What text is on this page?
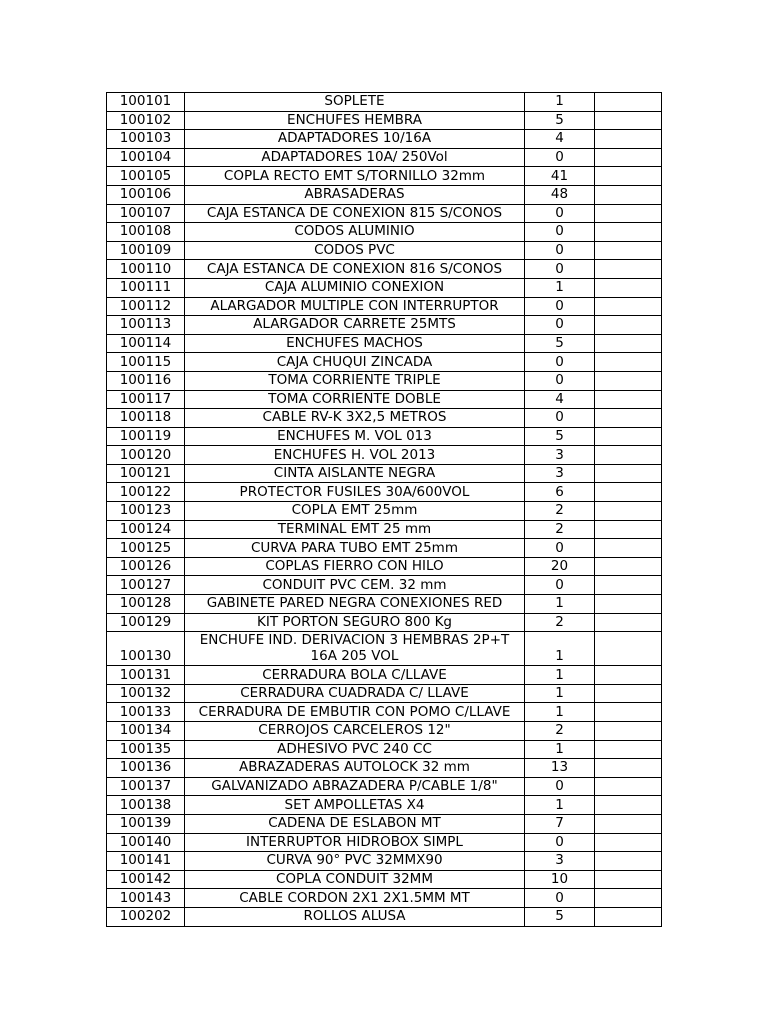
100101	SOPLETE	1	
100102	ENCHUFES HEMBRA	5	
100103	ADAPTADORES 10/16A	4	
100104	ADAPTADORES 10A/ 250Vol	0	
100105	COPLA RECTO EMT S/TORNILLO 32mm	41	
100106	ABRASADERAS	48	
100107	CAJA ESTANCA DE CONEXION 815 S/CONOS	0	
100108	CODOS ALUMINIO	0	
100109	CODOS PVC	0	
100110	CAJA ESTANCA DE CONEXION 816 S/CONOS	0	
100111	CAJA ALUMINIO CONEXION	1	
100112	ALARGADOR MULTIPLE CON INTERRUPTOR	0	
100113	ALARGADOR CARRETE 25MTS	0	
100114	ENCHUFES MACHOS	5	
100115	CAJA CHUQUI ZINCADA	0	
100116	TOMA CORRIENTE TRIPLE	0	
100117	TOMA CORRIENTE DOBLE	4	
100118	CABLE RV-K 3X2,5 METROS	0	
100119	ENCHUFES M. VOL 013	5	
100120	ENCHUFES H. VOL 2013	3	
100121	CINTA AISLANTE NEGRA	3	
100122	PROTECTOR FUSILES 30A/600VOL	6	
100123	COPLA EMT 25mm	2	
100124	TERMINAL EMT 25 mm	2	
100125	CURVA PARA TUBO EMT 25mm	0	
100126	COPLAS FIERRO CON HILO	20	
100127	CONDUIT PVC CEM. 32 mm	0	
100128	GABINETE PARED NEGRA CONEXIONES RED	1	
100129	KIT PORTON SEGURO 800 Kg	2	
100130	ENCHUFE IND. DERIVACION 3 HEMBRAS 2P+T 16A 205 VOL	1	
100131	CERRADURA BOLA C/LLAVE	1	
100132	CERRADURA CUADRADA C/ LLAVE	1	
100133	CERRADURA DE EMBUTIR CON POMO C/LLAVE	1	
100134	CERROJOS CARCELEROS 12"	2	
100135	ADHESIVO PVC 240 CC	1	
100136	ABRAZADERAS AUTOLOCK 32 mm	13	
100137	GALVANIZADO ABRAZADERA P/CABLE 1/8"	0	
100138	SET AMPOLLETAS X4	1	
100139	CADENA DE ESLABON MT	7	
100140	INTERRUPTOR HIDROBOX SIMPL	0	
100141	CURVA 90° PVC 32MMX90	3	
100142	COPLA CONDUIT 32MM	10	
100143	CABLE CORDON 2X1 2X1.5MM MT	0	
100202	ROLLOS ALUSA	5	
